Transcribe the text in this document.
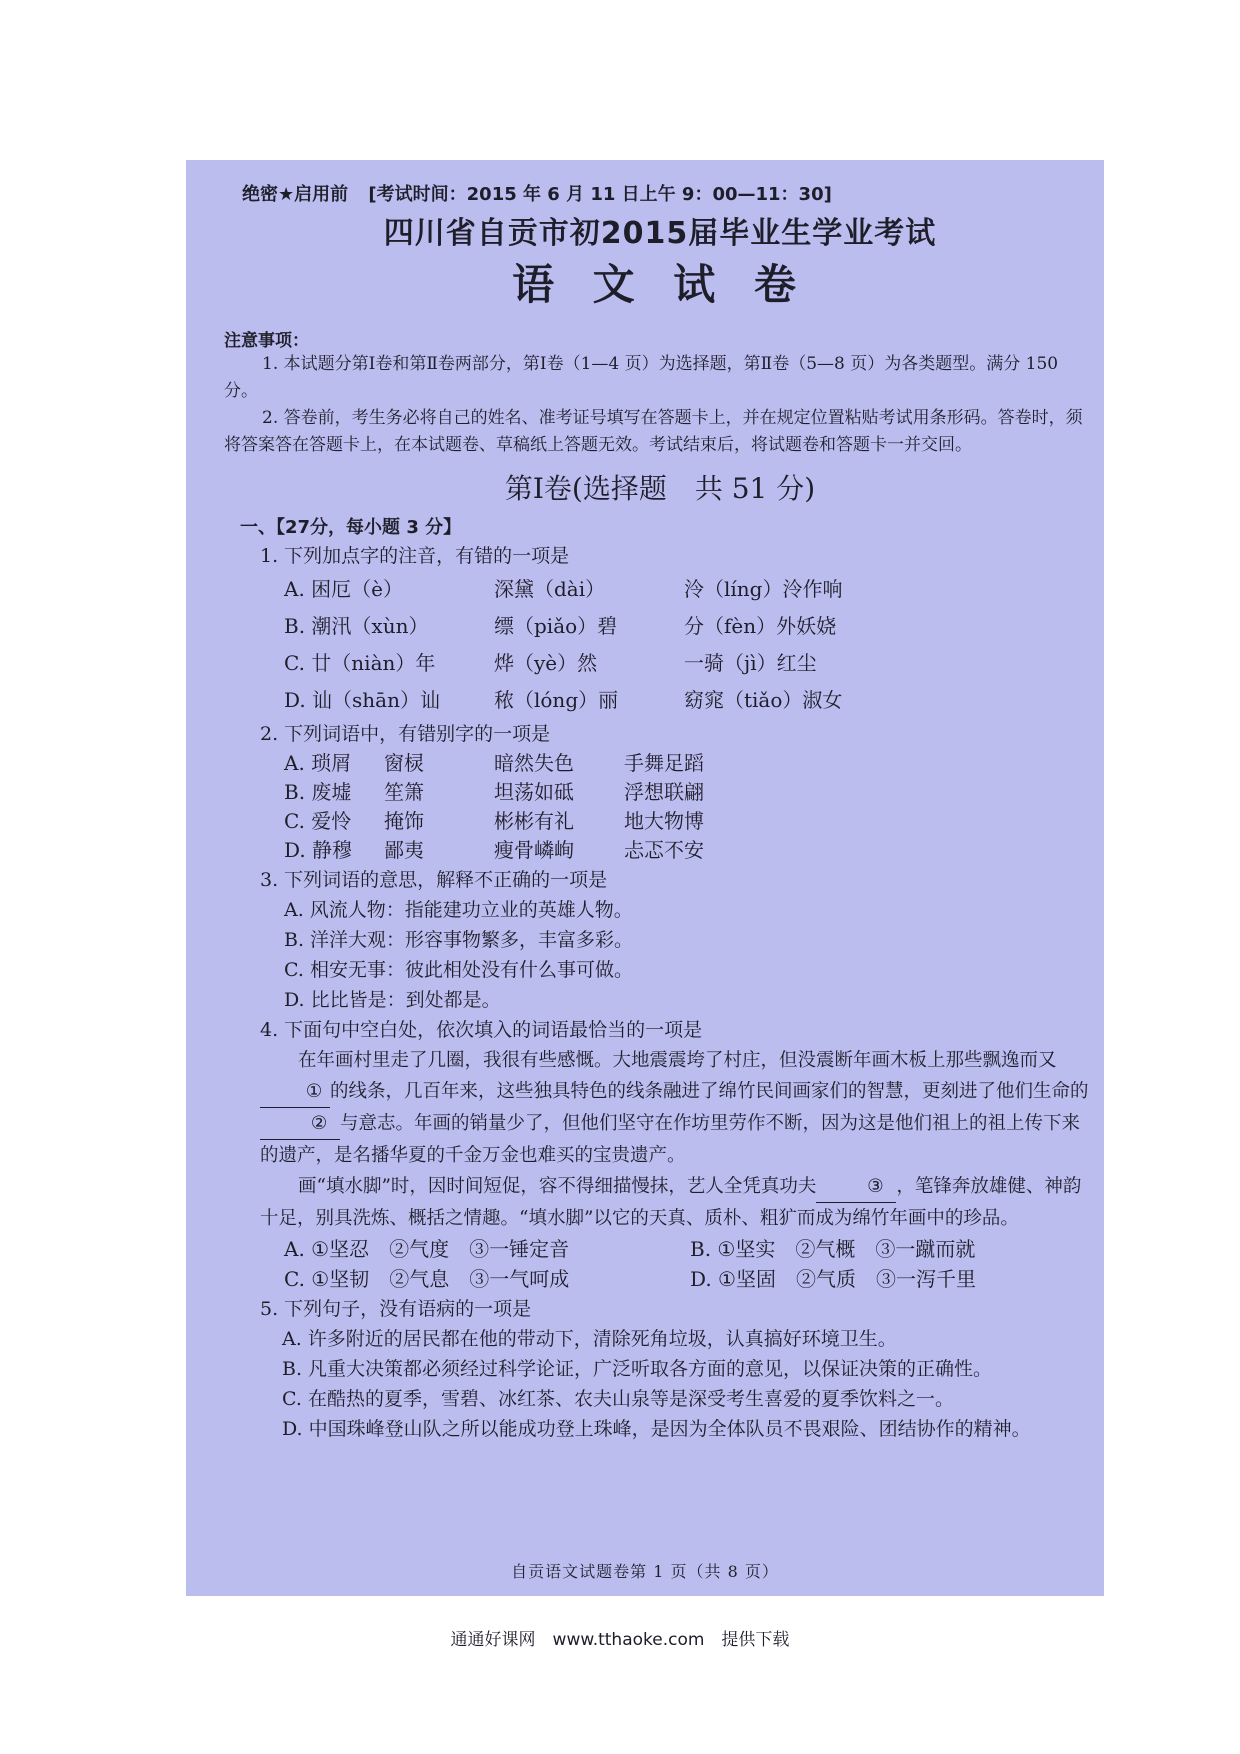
绝密★启用前 [考试时间：2015 年 6 月 11 日上午 9：00—11：30]
四川省自贡市初2015届毕业生学业考试
语 文 试 卷
注意事项：

1. 本试题分第Ⅰ卷和第Ⅱ卷两部分，第Ⅰ卷（1—4 页）为选择题，第Ⅱ卷（5—8 页）为各类题型。满分 150 分。

2. 答卷前，考生务必将自己的姓名、准考证号填写在答题卡上，并在规定位置粘贴考试用条形码。答卷时，须将答案答在答题卡上，在本试题卷、草稿纸上答题无效。考试结束后，将试题卷和答题卡一并交回。

第Ⅰ卷(选择题　共 51 分)
一、【27分，每小题 3 分】
1. 下列加点字的注音，有错的一项是
A. 困厄（è）	深黛（dài）	泠（líng）泠作响
B. 潮汛（xùn）	缥（piǎo）碧	分（fèn）外妖娆
C. 廿（niàn）年	烨（yè）然	一骑（jì）红尘
D. 讪（shān）讪	秾（lóng）丽	窈窕（tiǎo）淑女
2. 下列词语中，有错别字的一项是
A. 琐屑	窗棂	暗然失色	手舞足蹈
B. 废墟	笙箫	坦荡如砥	浮想联翩
C. 爱怜	掩饰	彬彬有礼	地大物博
D. 静穆	鄙夷	瘦骨嶙峋	忐忑不安
3. 下列词语的意思，解释不正确的一项是
A. 风流人物：指能建功立业的英雄人物。
B. 洋洋大观：形容事物繁多，丰富多彩。
C. 相安无事：彼此相处没有什么事可做。
D. 比比皆是：到处都是。
4. 下面句中空白处，依次填入的词语最恰当的一项是

在年画村里走了几圈，我很有些感慨。大地震震垮了村庄，但没震断年画木板上那些飘逸而又① 的线条，几百年来，这些独具特色的线条融进了绵竹民间画家们的智慧，更刻进了他们生命的② 与意志。年画的销量少了，但他们坚守在作坊里劳作不断，因为这是他们祖上的祖上传下来的遗产，是名播华夏的千金万金也难买的宝贵遗产。

画“填水脚”时，因时间短促，容不得细描慢抹，艺人全凭真功夫	③ ，笔锋奔放雄健、神韵十足，别具洗炼、概括之情趣。“填水脚”以它的天真、质朴、粗犷而成为绵竹年画中的珍品。

A. ①坚忍　②气度　③一锤定音	B. ①坚实　②气概　③一蹴而就
C. ①坚韧　②气息　③一气呵成	D. ①坚固　②气质　③一泻千里
5. 下列句子，没有语病的一项是
A. 许多附近的居民都在他的带动下，清除死角垃圾，认真搞好环境卫生。
B. 凡重大决策都必须经过科学论证，广泛听取各方面的意见，以保证决策的正确性。
C. 在酷热的夏季，雪碧、冰红茶、农夫山泉等是深受考生喜爱的夏季饮料之一。
D. 中国珠峰登山队之所以能成功登上珠峰，是因为全体队员不畏艰险、团结协作的精神。
自贡语文试题卷第 1 页（共 8 页）
通通好课网　www.tthaoke.com　提供下载
